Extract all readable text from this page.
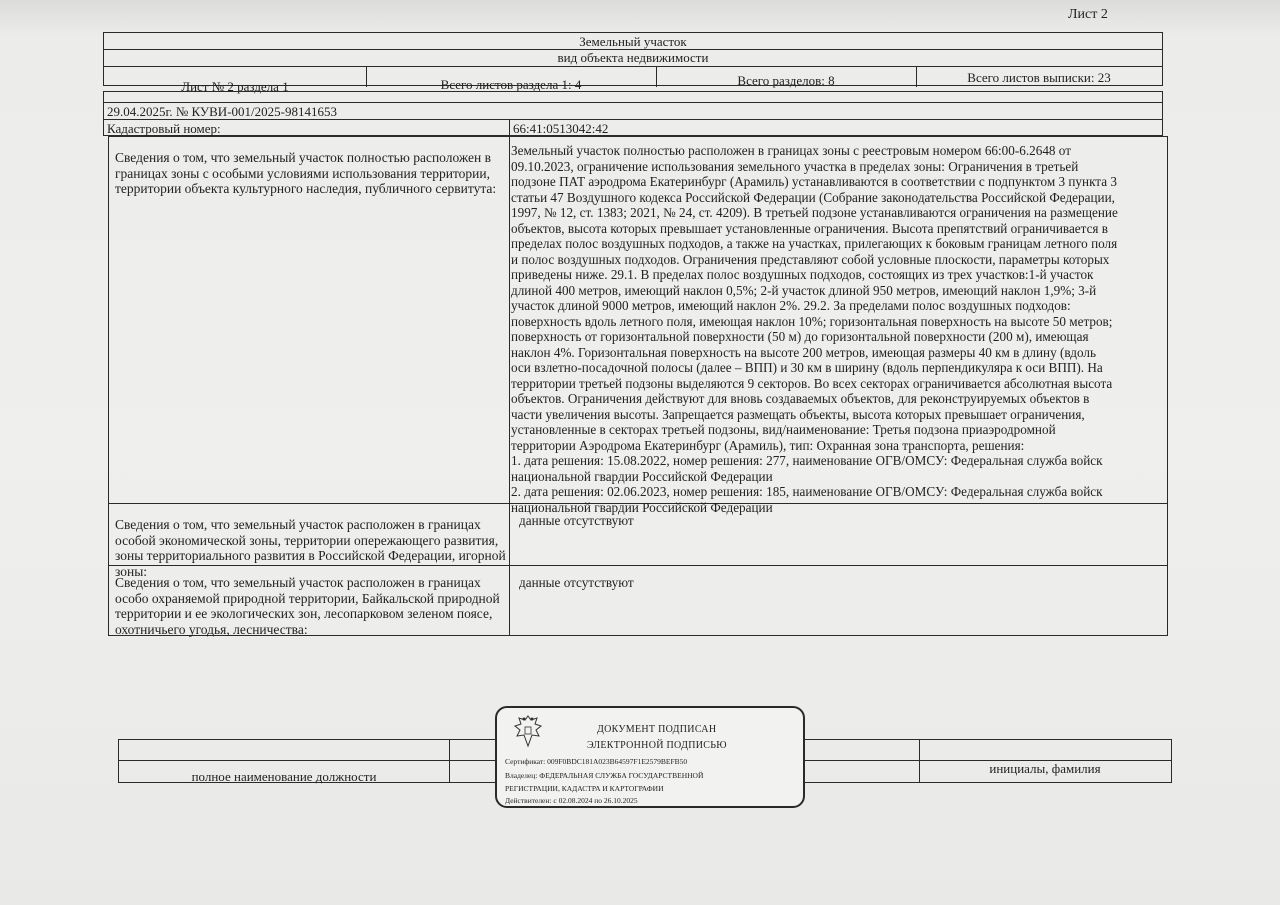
Лист 2
Земельный участок
вид объекта недвижимости
Лист № 2 раздела 1	Всего листов раздела 1: 4	Всего разделов: 8	Всего листов выписки: 23
29.04.2025г. № КУВИ-001/2025-98141653
Кадастровый номер:	66:41:0513042:42
Сведения о том, что земельный участок полностью расположен в границах зоны с особыми условиями использования территории, территории объекта культурного наследия, публичного сервитута:
Земельный участок полностью расположен в границах зоны с реестровым номером 66:00-6.2648 от
09.10.2023, ограничение использования земельного участка в пределах зоны: Ограничения в третьей
подзоне ПАТ аэродрома Екатеринбург (Арамиль) устанавливаются в соответствии с подпунктом 3 пункта 3
статьи 47 Воздушного кодекса Российской Федерации (Собрание законодательства Российской Федерации,
1997, № 12, ст. 1383; 2021, № 24, ст. 4209). В третьей подзоне устанавливаются ограничения на размещение
объектов, высота которых превышает установленные ограничения. Высота препятствий ограничивается в
пределах полос воздушных подходов, а также на участках, прилегающих к боковым границам летного поля
и полос воздушных подходов. Ограничения представляют собой условные плоскости, параметры которых
приведены ниже. 29.1. В пределах полос воздушных подходов, состоящих из трех участков:1-й участок
длиной 400 метров, имеющий наклон 0,5%; 2-й участок длиной 950 метров, имеющий наклон 1,9%; 3-й
участок длиной 9000 метров, имеющий наклон 2%. 29.2. За пределами полос воздушных подходов:
поверхность вдоль летного поля, имеющая наклон 10%; горизонтальная поверхность на высоте 50 метров;
поверхность от горизонтальной поверхности (50 м) до горизонтальной поверхности (200 м), имеющая
наклон 4%. Горизонтальная поверхность на высоте 200 метров, имеющая размеры 40 км в длину (вдоль
оси взлетно-посадочной полосы (далее – ВПП) и 30 км в ширину (вдоль перпендикуляра к оси ВПП). На
территории третьей подзоны выделяются 9 секторов. Во всех секторах ограничивается абсолютная высота
объектов. Ограничения действуют для вновь создаваемых объектов, для реконструируемых объектов в
части увеличения высоты. Запрещается размещать объекты, высота которых превышает ограничения,
установленные в секторах третьей подзоны, вид/наименование: Третья подзона приаэродромной
территории Аэродрома Екатеринбург (Арамиль), тип: Охранная зона транспорта, решения:
1. дата решения: 15.08.2022, номер решения: 277, наименование ОГВ/ОМСУ: Федеральная служба войск
национальной гвардии Российской Федерации
2. дата решения: 02.06.2023, номер решения: 185, наименование ОГВ/ОМСУ: Федеральная служба войск
национальной гвардии Российской Федерации
Сведения о том, что земельный участок расположен в границах особой экономической зоны, территории опережающего развития, зоны территориального развития в Российской Федерации, игорной зоны:
данные отсутствуют
Сведения о том, что земельный участок расположен в границах особо охраняемой природной территории, Байкальской природной территории и ее экологических зон, лесопарковом зеленом поясе, охотничьего угодья, лесничества:
данные отсутствуют
полное наименование должности
инициалы, фамилия
ДОКУМЕНТ ПОДПИСАН
ЭЛЕКТРОННОЙ ПОДПИСЬЮ
Сертификат: 009F0BDC181A023B64597F1E2579BEFB50
Владелец: ФЕДЕРАЛЬНАЯ СЛУЖБА ГОСУДАРСТВЕННОЙ
РЕГИСТРАЦИИ, КАДАСТРА И КАРТОГРАФИИ
Действителен: с 02.08.2024 по 26.10.2025
